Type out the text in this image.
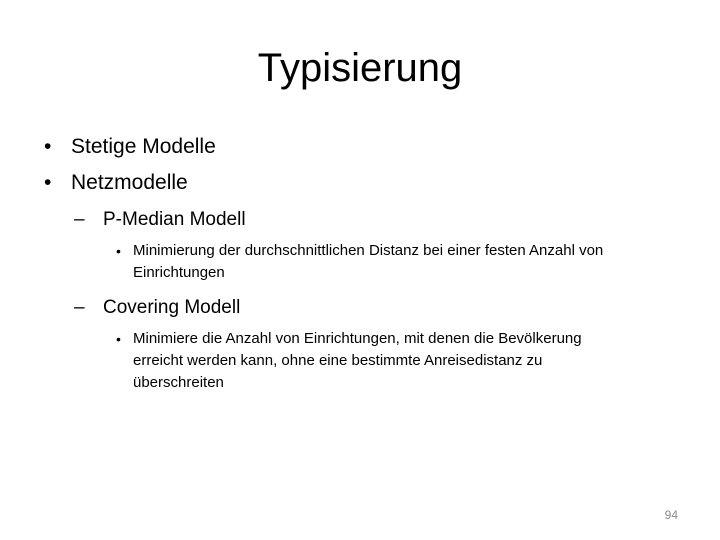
Typisierung
• Stetige Modelle
• Netzmodelle
– P-Median Modell
• Minimierung der durchschnittlichen Distanz bei einer festen Anzahl von Einrichtungen
– Covering Modell
• Minimiere die Anzahl von Einrichtungen, mit denen die Bevölkerung erreicht werden kann, ohne eine bestimmte Anreisedistanz zu überschreiten
94
